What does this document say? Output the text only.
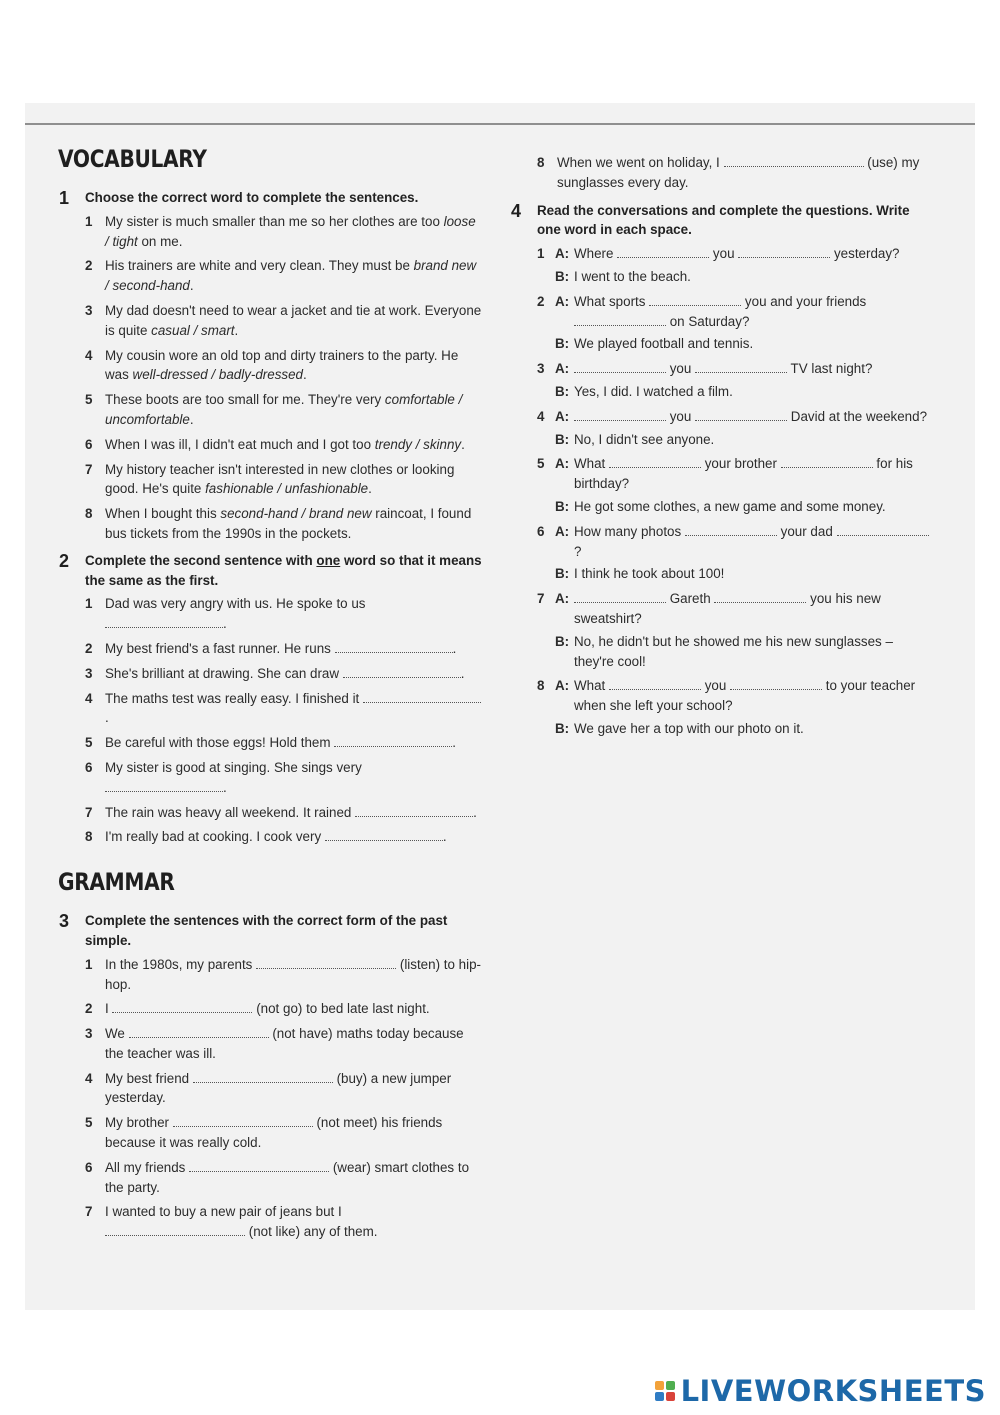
VOCABULARY
1 Choose the correct word to complete the sentences.
1 My sister is much smaller than me so her clothes are too loose / tight on me.
2 His trainers are white and very clean. They must be brand new / second-hand.
3 My dad doesn't need to wear a jacket and tie at work. Everyone is quite casual / smart.
4 My cousin wore an old top and dirty trainers to the party. He was well-dressed / badly-dressed.
5 These boots are too small for me. They're very comfortable / uncomfortable.
6 When I was ill, I didn't eat much and I got too trendy / skinny.
7 My history teacher isn't interested in new clothes or looking good. He's quite fashionable / unfashionable.
8 When I bought this second-hand / brand new raincoat, I found bus tickets from the 1990s in the pockets.
2 Complete the second sentence with one word so that it means the same as the first.
1 Dad was very angry with us. He spoke to us .
2 My best friend's a fast runner. He runs	.
3 She's brilliant at drawing. She can draw	.
4 The maths test was really easy. I finished it .
5 Be careful with those eggs! Hold them	.
6 My sister is good at singing. She sings very .
7 The rain was heavy all weekend. It rained	.
8 I'm really bad at cooking. I cook very	.
GRAMMAR
3 Complete the sentences with the correct form of the past simple.
1 In the 1980s, my parents	(listen) to hip-hop.
2 I	(not go) to bed late last night.
3 We	(not have) maths today because the teacher was ill.
4 My best friend	(buy) a new jumper yesterday.
5 My brother	(not meet) his friends because it was really cold.
6 All my friends	(wear) smart clothes to the party.
7 I wanted to buy a new pair of jeans but I  (not like) any of them.
8 When we went on holiday, I	(use) my sunglasses every day.
4 Read the conversations and complete the questions. Write one word in each space.
1 A: Where	you	yesterday?
B: I went to the beach.
2 A: What sports	you and your friends  on Saturday?
B: We played football and tennis.
3 A:	you	TV last night?
B: Yes, I did. I watched a film.
4 A:	you	David at the weekend?
B: No, I didn't see anyone.
5 A: What	your brother	for his birthday?
B: He got some clothes, a new game and some money.
6 A: How many photos	your dad  ?
B: I think he took about 100!
7 A:	Gareth	you his new sweatshirt?
B: No, he didn't but he showed me his new sunglasses – they're cool!
8 A: What	you	to your teacher when she left your school?
B: We gave her a top with our photo on it.
LIVEWORKSHEETS
